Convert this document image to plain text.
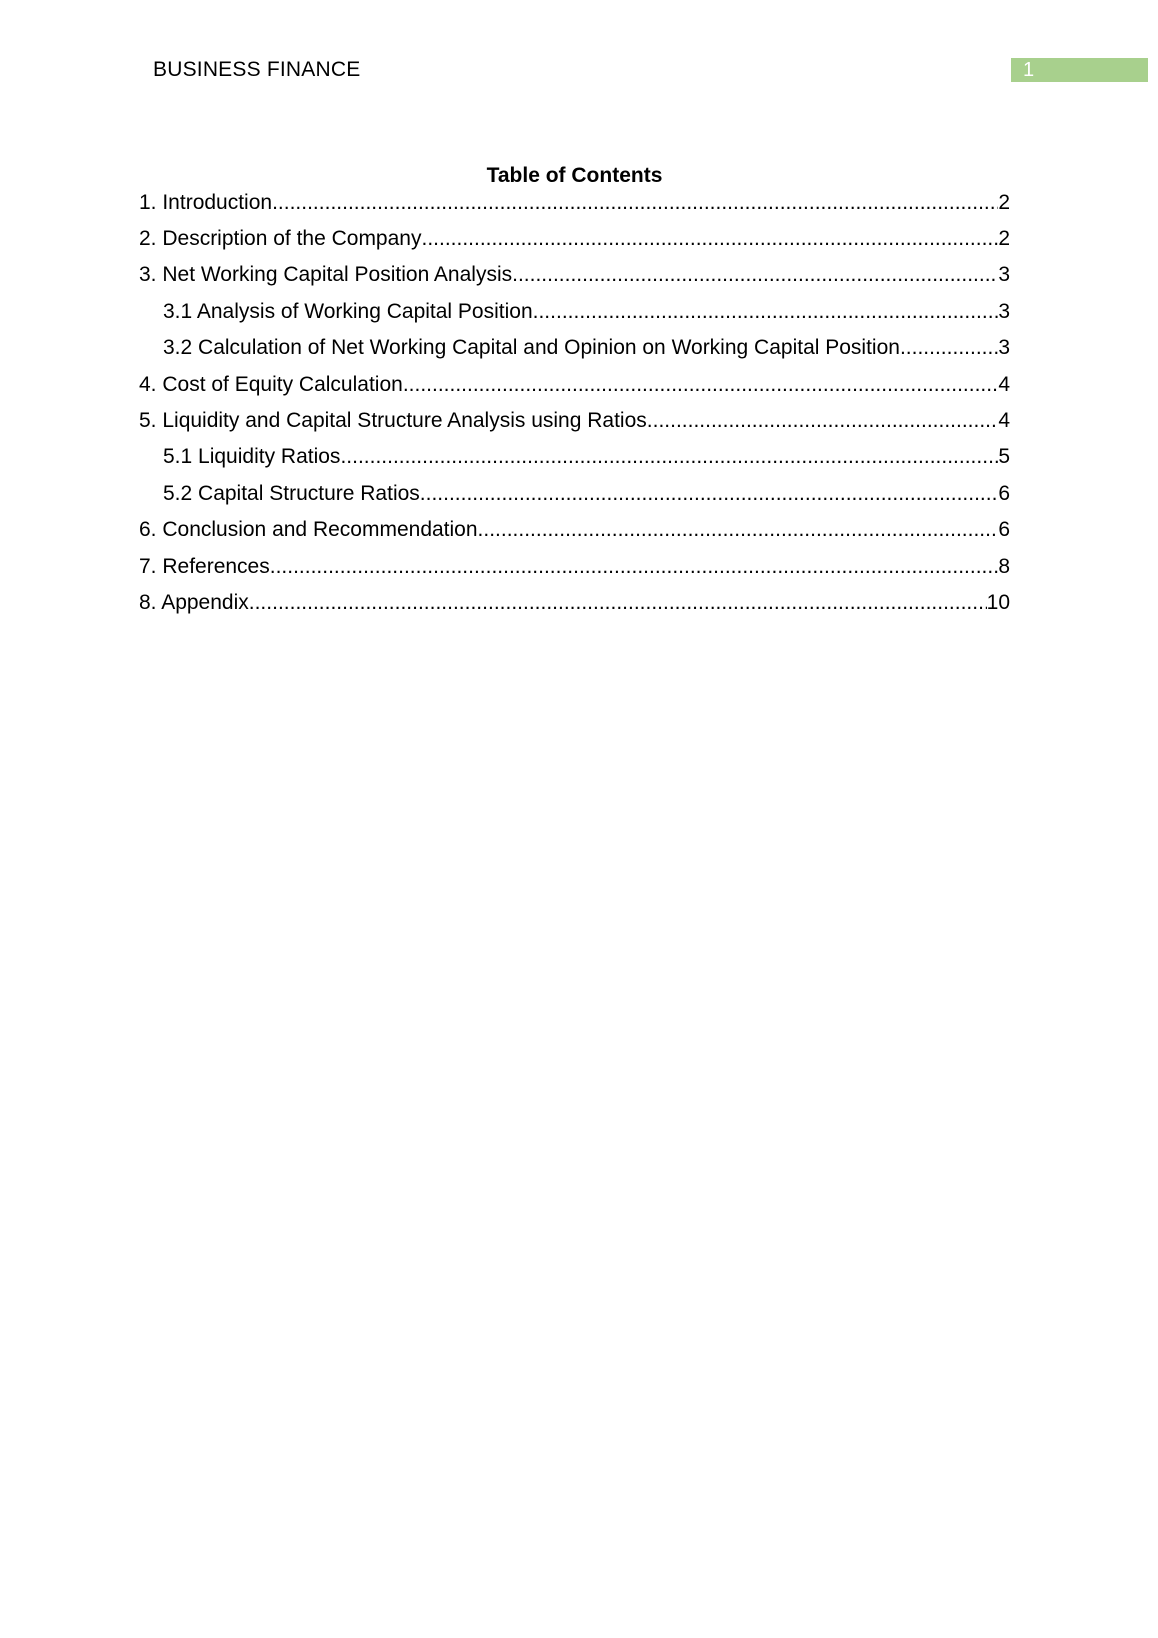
BUSINESS FINANCE	1
Table of Contents
1. Introduction .....	2
2. Description of the Company .....	2
3. Net Working Capital Position Analysis .....	3
3.1 Analysis of Working Capital Position .....	3
3.2 Calculation of Net Working Capital and Opinion on Working Capital Position .....	3
4. Cost of Equity Calculation .....	4
5. Liquidity and Capital Structure Analysis using Ratios .....	4
5.1 Liquidity Ratios .....	5
5.2 Capital Structure Ratios .....	6
6. Conclusion and Recommendation .....	6
7. References .....	8
8. Appendix .....	10
